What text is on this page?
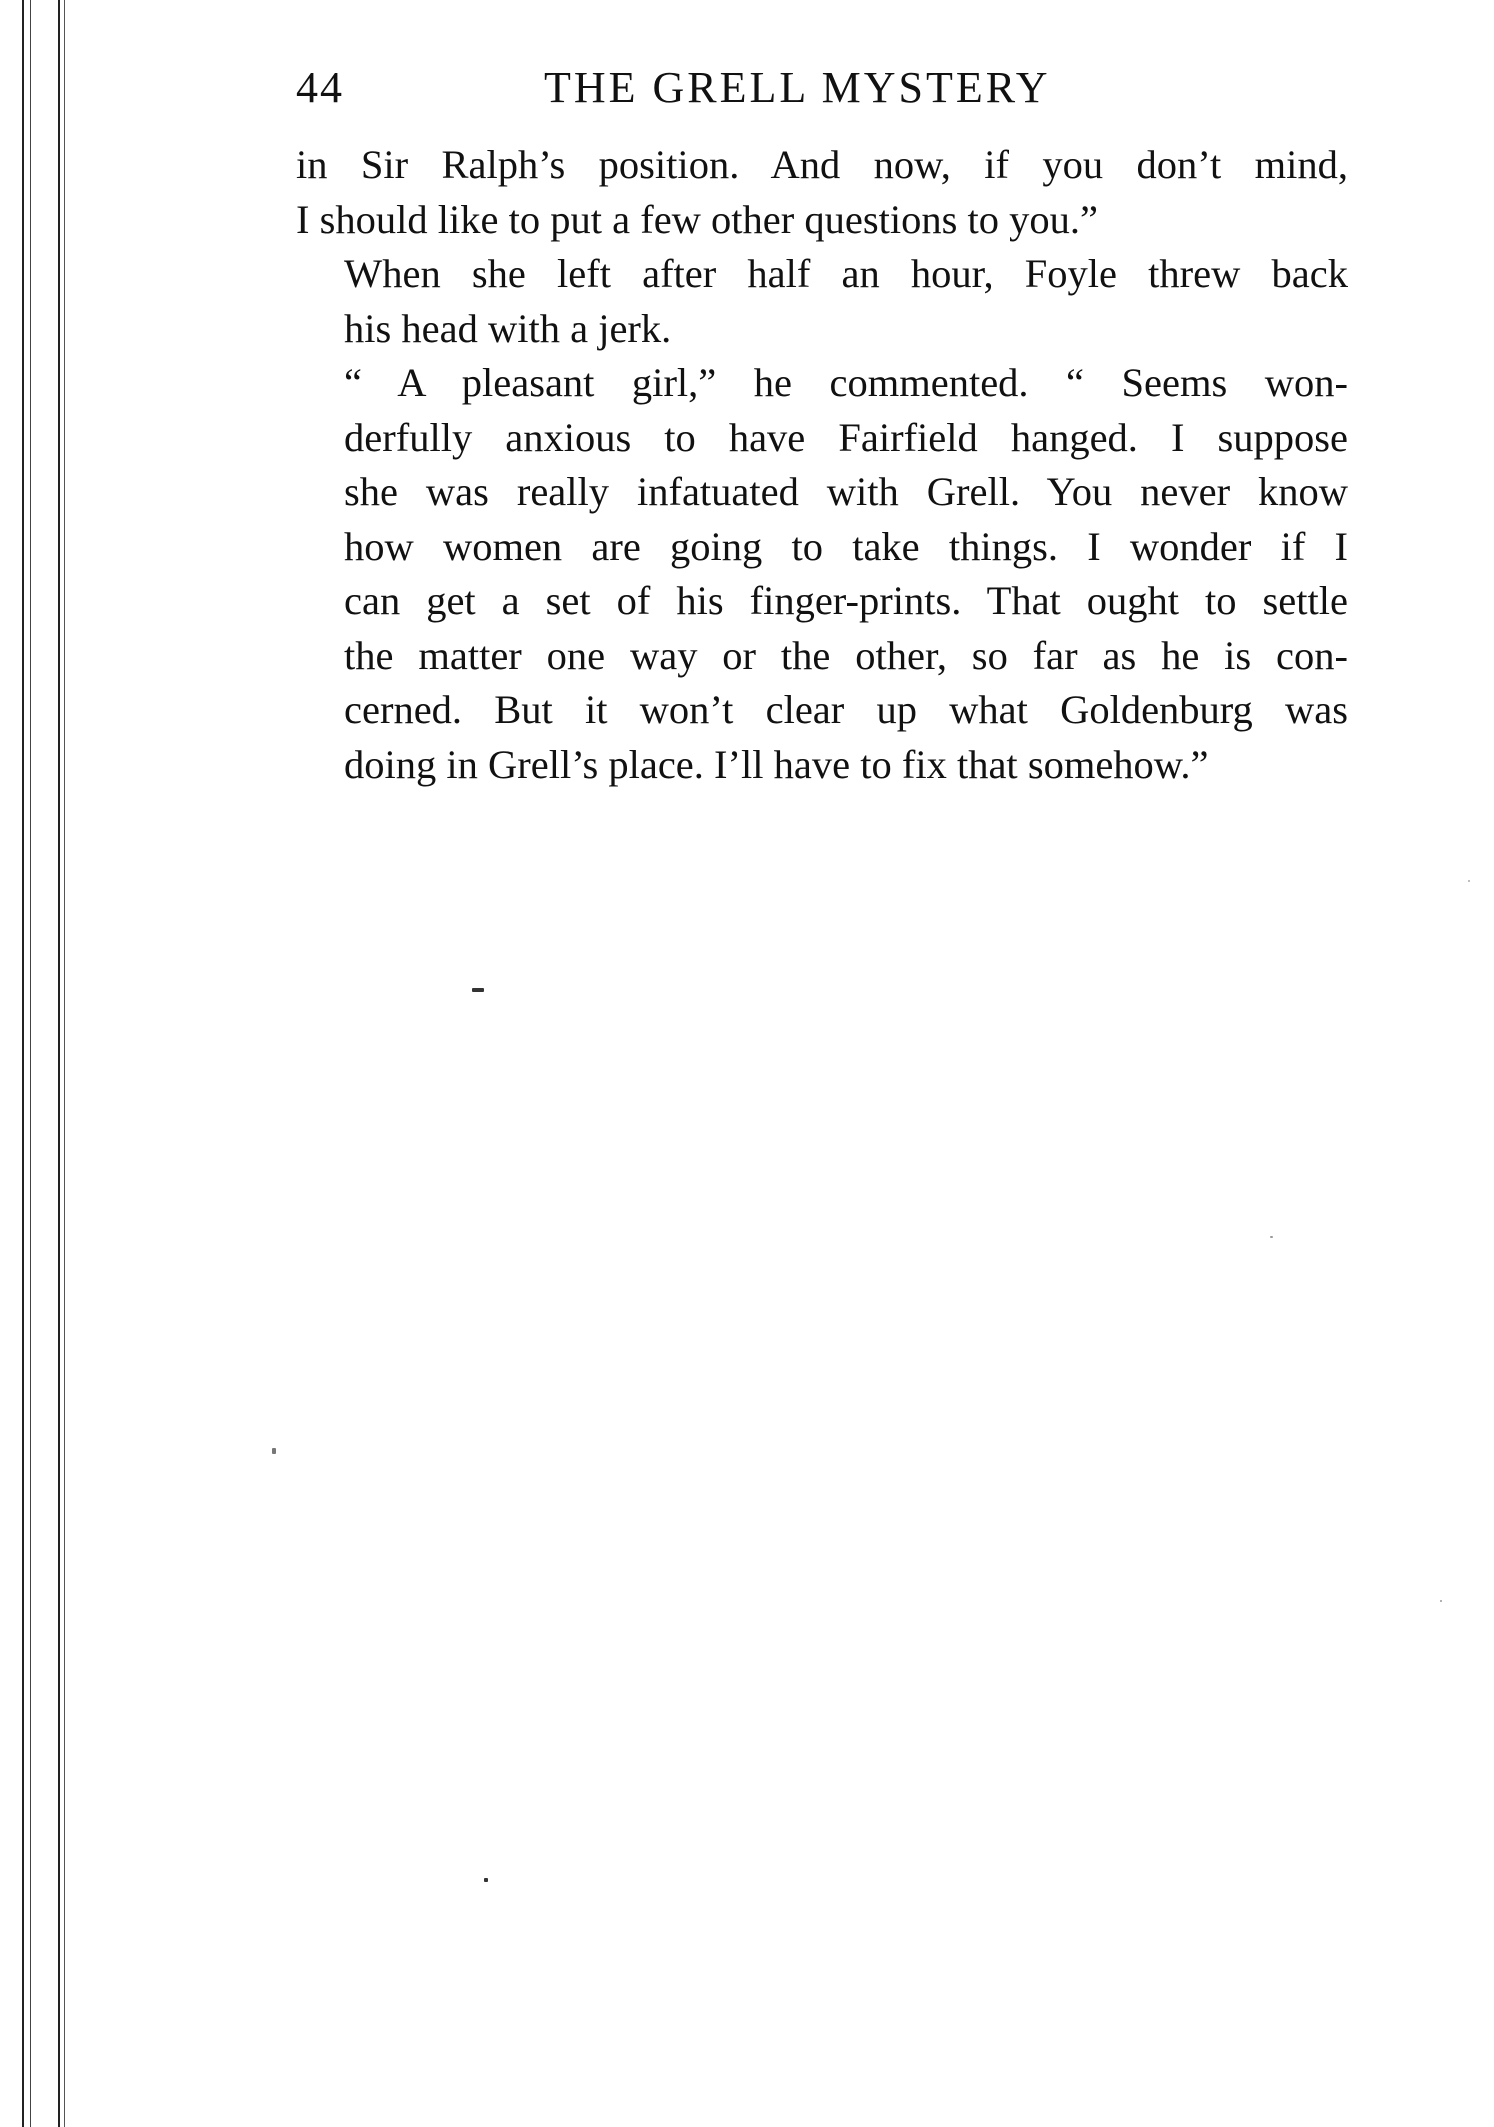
44	THE GRELL MYSTERY

in Sir Ralph’s position. And now, if you don’t mind,
I should like to put a few other questions to you.”

When she left after half an hour, Foyle threw back
his head with a jerk.

“ A pleasant girl,” he commented. “ Seems won-
derfully anxious to have Fairfield hanged. I suppose
she was really infatuated with Grell. You never know
how women are going to take things. I wonder if I
can get a set of his finger-prints. That ought to settle
the matter one way or the other, so far as he is con-
cerned. But it won’t clear up what Goldenburg was
doing in Grell’s place. I’ll have to fix that somehow.”
